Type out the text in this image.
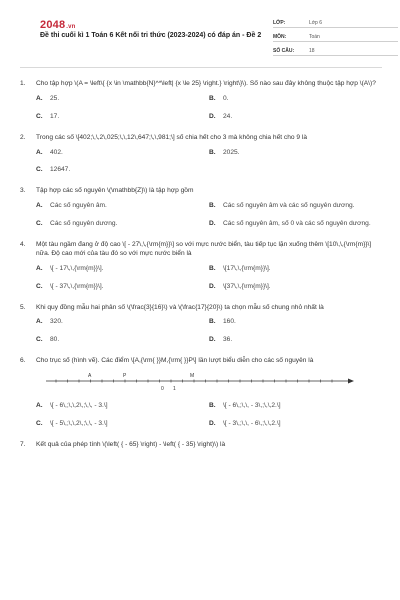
2048.vn
Đề thi cuối kì 1 Toán 6 Kết nối tri thức (2023-2024) có đáp án - Đề 2
LỚP:	Lớp 6
MÔN:	Toán
SỐ CÂU:	18
1.	Cho tập hợp \(A = \left\{ {x \in \mathbb{N}^*\left| {x \le 25} \right.} \right\}\). Số nào sau đây không thuộc tập hợp \(A\)?
A.	25.	B.	0.
C.	17.	D.	24.
2.	Trong các số \[402;\,\,2\,025;\,\,12\,647;\,\,981;\] số chia hết cho 3 mà không chia hết cho 9 là
A.	402.	B.	2025.
C.	12647.
3.	Tập hợp các số nguyên \(\mathbb{Z}\) là tập hợp gồm
A.	Các số nguyên âm.	B.	Các số nguyên âm và các số nguyên dương.
C.	Các số nguyên dương.	D.	Các số nguyên âm, số 0 và các số nguyên dương.
4.	Một tàu ngầm đang ở độ cao \[ - 27\,\,{\rm{m}}\] so với mực nước biển, tàu tiếp tục lặn xuống thêm \[10\,\,{\rm{m}}\] nữa. Độ cao mới của tàu đó so với mực nước biển là
A.	\[ - 17\,\,{\rm{m}}\].	B.	\[17\,\,{\rm{m}}\].
C.	\[ - 37\,\,{\rm{m}}\].	D.	\[37\,\,{\rm{m}}\].
5.	Khi quy đồng mẫu hai phân số \(\frac{3}{16}\) và \(\frac{17}{20}\) ta chọn mẫu số chung nhỏ nhất là
A.	320.	B.	160.
C.	80.	D.	36.
6.	Cho trục số (hình vẽ). Các điểm \[A,{\rm{ }}M,{\rm{ }}P\] lần lượt biểu diễn cho các số nguyên là
A	P	M
0 1
A.	\[ - 6\,;\,\,2\,;\,\, - 3.\]	B.	\[ - 6\,;\,\, - 3\,;\,\,2.\]
C.	\[ - 5\,;\,\,2\,;\,\, - 3.\]	D.	\[ - 3\,;\,\, - 6\,;\,\,2.\]
7.	Kết quả của phép tính \(\left( { - 65} \right) - \left( { - 35} \right)\) là
